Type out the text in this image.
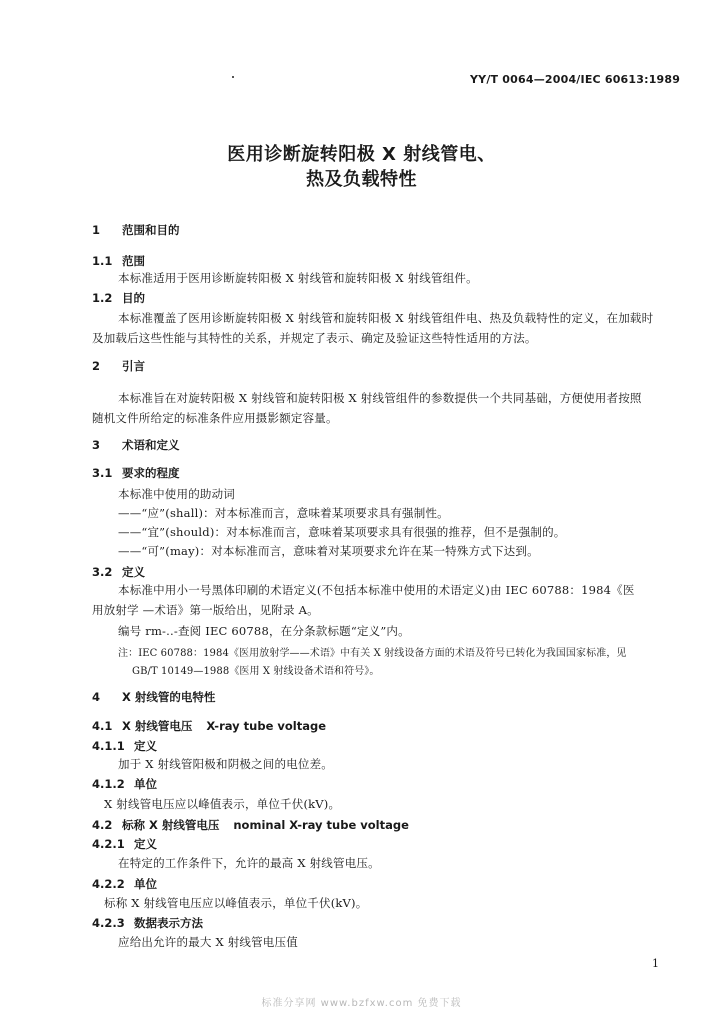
YY/T 0064—2004/IEC 60613:1989
医用诊断旋转阳极 X 射线管电、
热及负载特性
1 范围和目的
1.1 范围
本标准适用于医用诊断旋转阳极 X 射线管和旋转阳极 X 射线管组件。
1.2 目的
本标准覆盖了医用诊断旋转阳极 X 射线管和旋转阳极 X 射线管组件电、热及负载特性的定义，在加载时
及加载后这些性能与其特性的关系，并规定了表示、确定及验证这些特性适用的方法。
2 引言
本标准旨在对旋转阳极 X 射线管和旋转阳极 X 射线管组件的参数提供一个共同基础，方便使用者按照
随机文件所给定的标准条件应用摄影额定容量。
3 术语和定义
3.1 要求的程度
本标准中使用的助动词
——“应”(shall)：对本标准而言，意味着某项要求具有强制性。
——“宜”(should)：对本标准而言，意味着某项要求具有很强的推荐，但不是强制的。
——“可”(may)：对本标准而言，意味着对某项要求允许在某一特殊方式下达到。
3.2 定义
本标准中用小一号黑体印刷的术语定义(不包括本标准中使用的术语定义)由 IEC 60788：1984《医
用放射学 —术语》第一版给出，见附录 A。
编号 rm-..-查阅 IEC 60788，在分条款标题“定义”内。
注：IEC 60788：1984《医用放射学——术语》中有关 X 射线设备方面的术语及符号已转化为我国国家标准，见
GB/T 10149—1988《医用 X 射线设备术语和符号》。
4 X 射线管的电特性
4.1 X 射线管电压 X-ray tube voltage
4.1.1 定义
加于 X 射线管阳极和阴极之间的电位差。
4.1.2 单位
X 射线管电压应以峰值表示，单位千伏(kV)。
4.2 标称 X 射线管电压 nominal X-ray tube voltage
4.2.1 定义
在特定的工作条件下，允许的最高 X 射线管电压。
4.2.2 单位
标称 X 射线管电压应以峰值表示，单位千伏(kV)。
4.2.3 数据表示方法
应给出允许的最大 X 射线管电压值
1
标准分享网 www.bzfxw.com 免费下载
